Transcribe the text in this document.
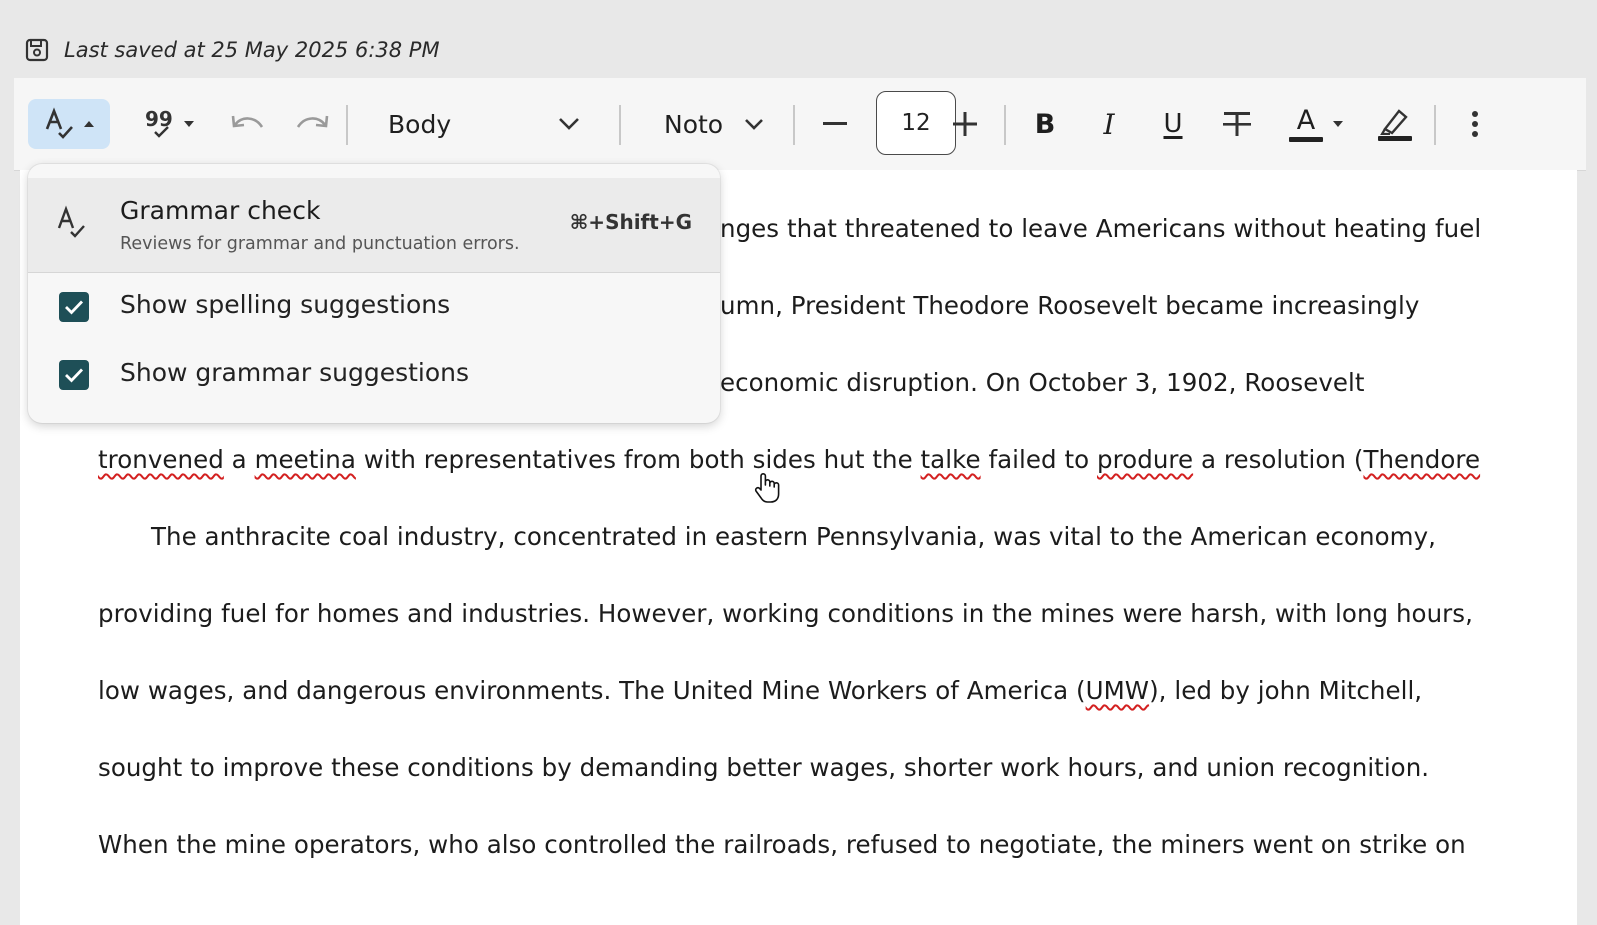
Last saved at 25 May 2025 6:38 PM
99	Body	Noto	12	B I U	A
nges that threatened to leave Americans without heating fuel
umn, President Theodore Roosevelt became increasingly
economic disruption. On October 3, 1902, Roosevelt
tronvened a meetina with representatives from both sides hut the talke failed to produre a resolution (Thendore
The anthracite coal industry, concentrated in eastern Pennsylvania, was vital to the American economy,
providing fuel for homes and industries. However, working conditions in the mines were harsh, with long hours,
low wages, and dangerous environments. The United Mine Workers of America (UMW), led by john Mitchell,
sought to improve these conditions by demanding better wages, shorter work hours, and union recognition.
When the mine operators, who also controlled the railroads, refused to negotiate, the miners went on strike on
Grammar check
Reviews for grammar and punctuation errors.
⌘+Shift+G
Show spelling suggestions
Show grammar suggestions
